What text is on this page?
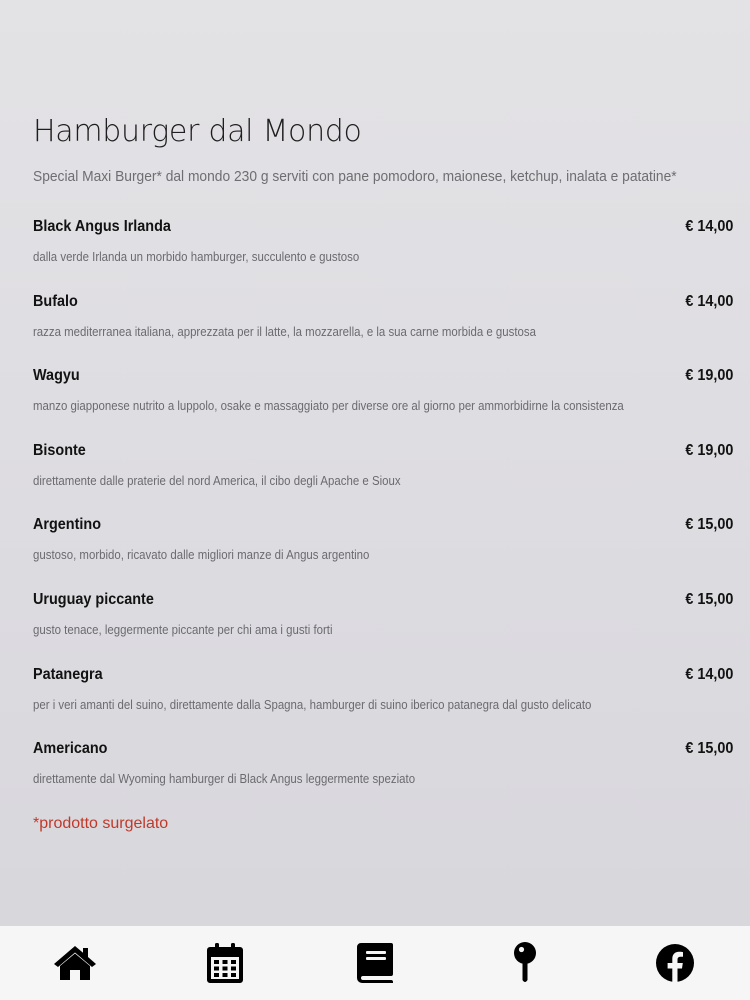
Hamburger dal Mondo

Special Maxi Burger* dal mondo 230 g serviti con pane pomodoro, maionese, ketchup, inalata e patatine*

Black Angus Irlanda	€ 14,00
dalla verde Irlanda un morbido hamburger, succulento e gustoso
Bufalo	€ 14,00
razza mediterranea italiana, apprezzata per il latte, la mozzarella, e la sua carne morbida e gustosa
Wagyu	€ 19,00
manzo giapponese nutrito a luppolo, osake e massaggiato per diverse ore al giorno per ammorbidirne la consistenza
Bisonte	€ 19,00
direttamente dalle praterie del nord America, il cibo degli Apache e Sioux
Argentino	€ 15,00
gustoso, morbido, ricavato dalle migliori manze di Angus argentino
Uruguay piccante	€ 15,00
gusto tenace, leggermente piccante per chi ama i gusti forti
Patanegra	€ 14,00
per i veri amanti del suino, direttamente dalla Spagna, hamburger di suino iberico patanegra dal gusto delicato
Americano	€ 15,00
direttamente dal Wyoming hamburger di Black Angus leggermente speziato
*prodotto surgelato
